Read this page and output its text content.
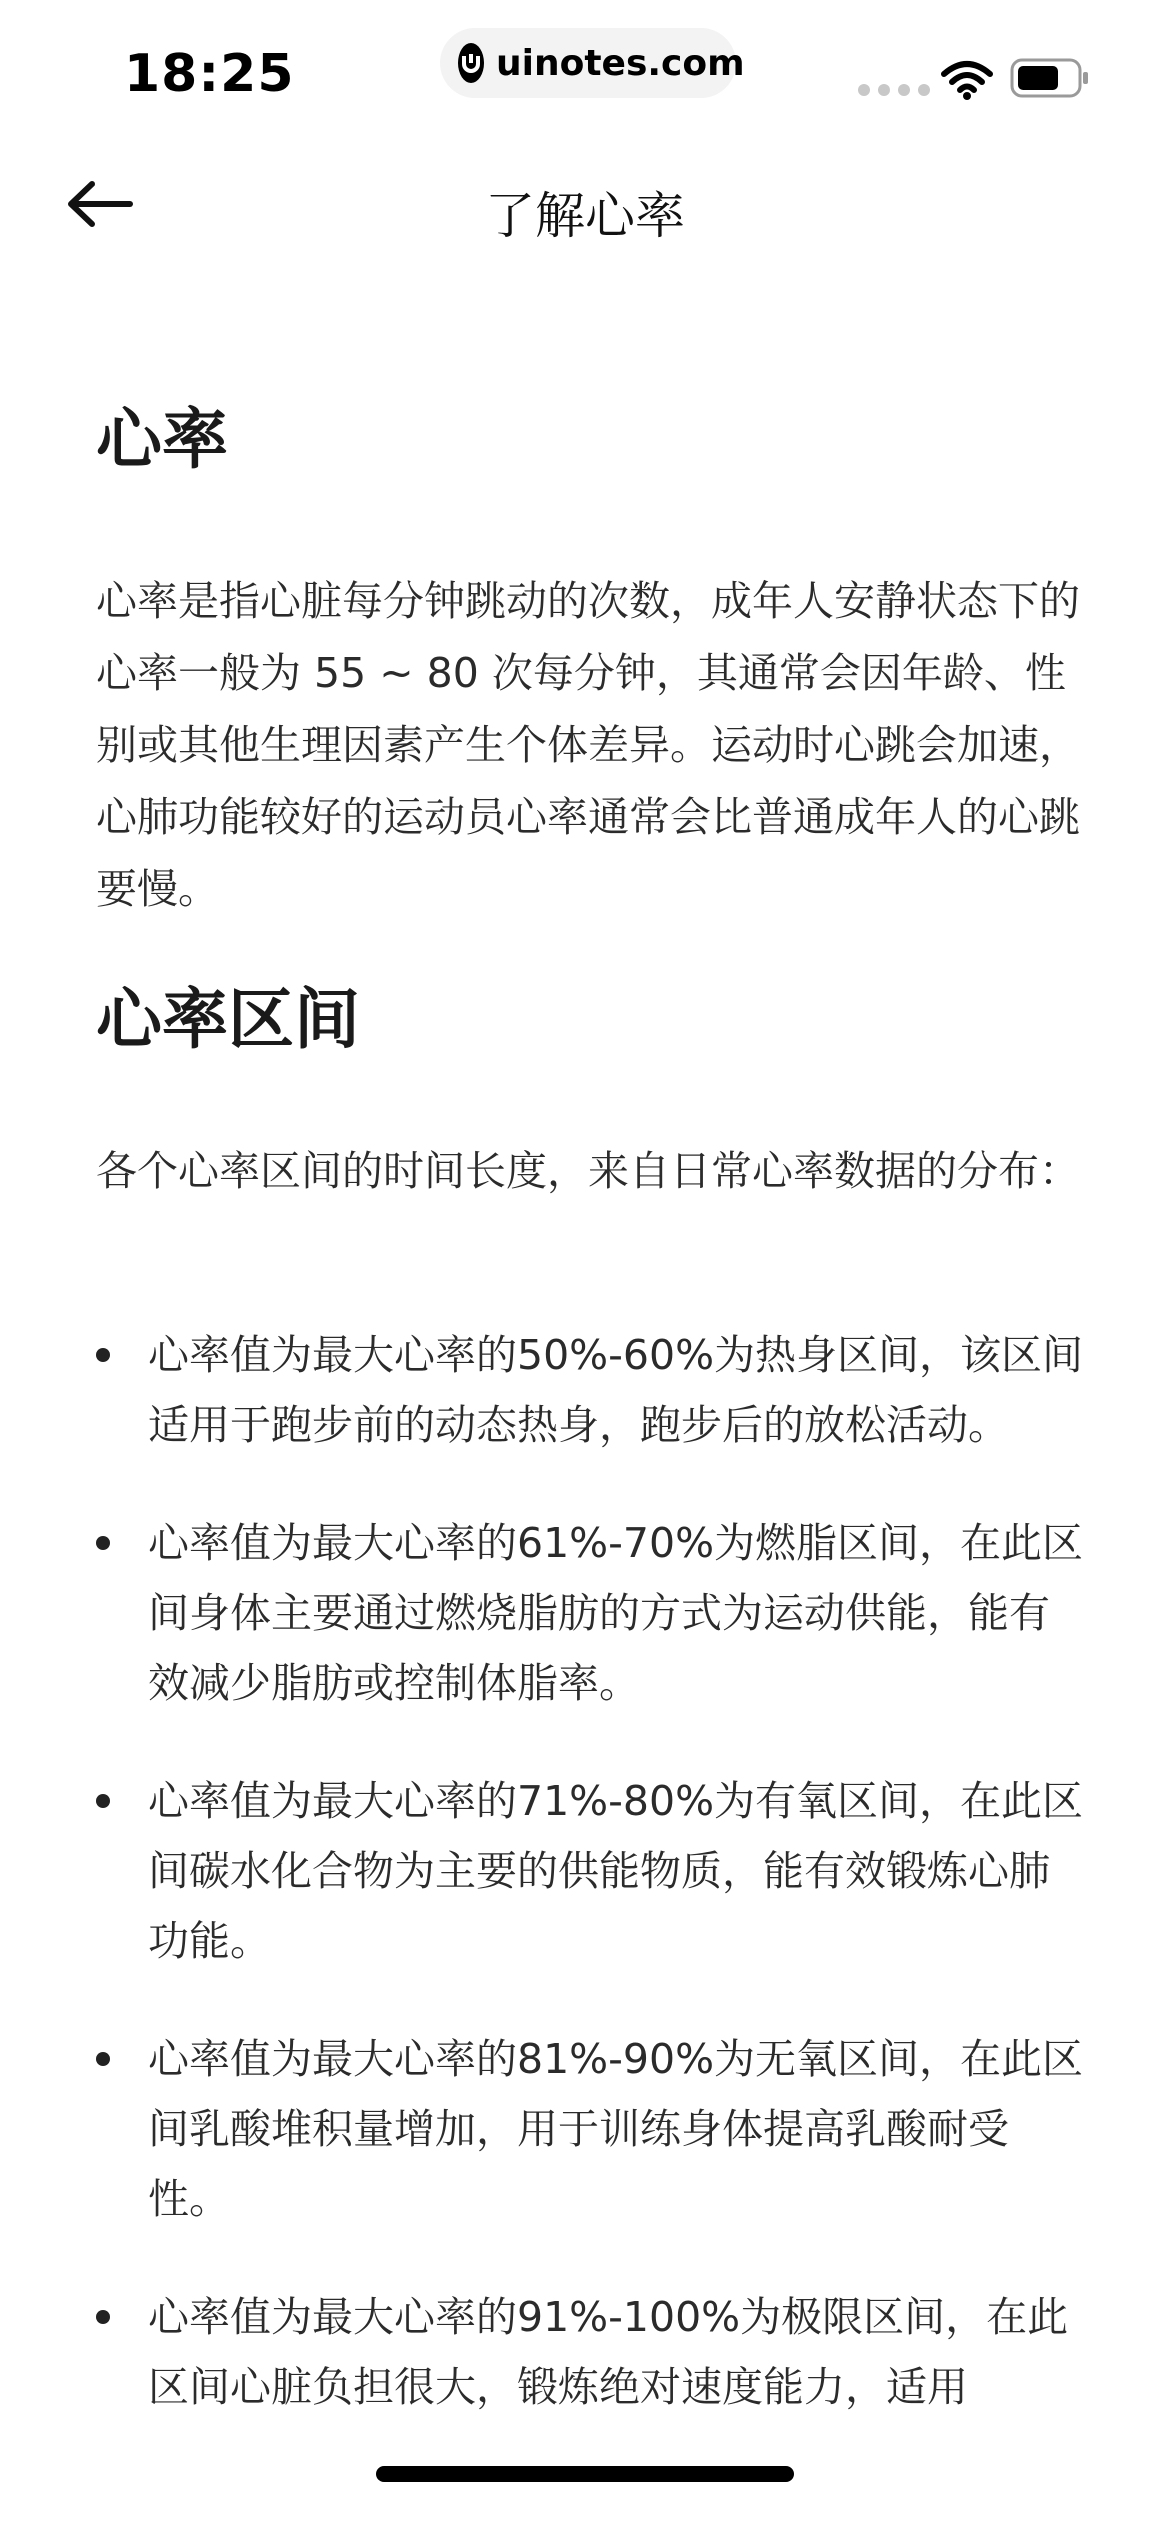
18:25	uinotes.com
了解心率
心率

心率是指心脏每分钟跳动的次数，成年人安静状态下的心率一般为 55 ~ 80 次每分钟，其通常会因年龄、性别或其他生理因素产生个体差异。运动时心跳会加速，心肺功能较好的运动员心率通常会比普通成年人的心跳要慢。

心率区间

各个心率区间的时间长度，来自日常心率数据的分布：

心率值为最大心率的50%-60%为热身区间，该区间适用于跑步前的动态热身，跑步后的放松活动。
心率值为最大心率的61%-70%为燃脂区间，在此区间身体主要通过燃烧脂肪的方式为运动供能，能有效减少脂肪或控制体脂率。
心率值为最大心率的71%-80%为有氧区间，在此区间碳水化合物为主要的供能物质，能有效锻炼心肺功能。
心率值为最大心率的81%-90%为无氧区间，在此区间乳酸堆积量增加，用于训练身体提高乳酸耐受性。
心率值为最大心率的91%-100%为极限区间，在此区间心脏负担很大，锻炼绝对速度能力，适用
